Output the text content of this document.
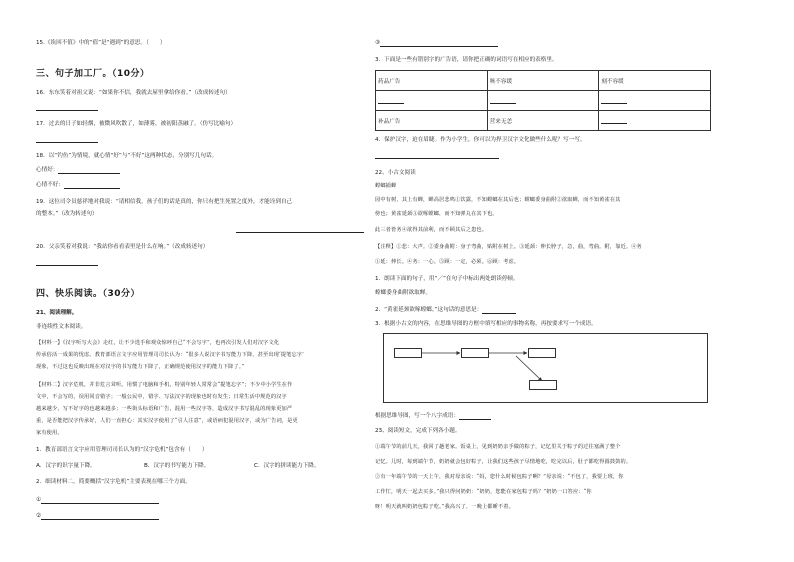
15.《诶回不值》中的“值”是“遇到”的意思。（　　）
三、句子加工厂。（10分）
16．东东笑着对祖父说：“如果你不信，我就去屋里拿给你看。”（改成转述句）
17．过去的日子如轻烟，被微风吹散了，如薄雾，被初阳蒸融了。（仿写比喻句）
18．以“钓鱼”为情境，就心情“好”与“不好”这两种状态，分别写几句话。
心情好：
心情不好：
19．这位司令员慈祥地对我说：“请相信我，孩子们的话是真的，你只有把生死置之度外，才能诠到自己
的整本。”（改为转述句）
20．父亲笑着对我说：“我站你看看表里是什么在响。”（改成转述句）
四、快乐阅读。（30分）
21、阅读理解。
非连续性文本阅读。
【材料一】《汉字听写大会》走红，让不少选手和观众惊呼自己“不会写字”，也再次引发人们对汉字文化
传承俗活一成果的忧虑。教育部语言文字应用管理司司长认为：“很多人说汉字书写能力下降，甚至出现‘提笔忘字’
现象，不过这也反映出现在对汉字的书写能力下降了，正确规范使用汉字的能力下降了。”
【材料二】汉字危机，并非危言耸听。用惯了电脑和手机，特别年轻人常常会“提笔忘字”；不少中小学生在作
文中，不会写的，误用同音错字；一般公民中，错字、写法汉字的现象也时有发生；日常生活中规范的汉字
越来越少，写不好字的也越来越多；一些街头标语和广告，混用一些汉字等，造成汉字书写混乱的现象更加严
重，是否能把汉字传承好，人们一直担心：其实汉字使用了“引人注意”，或语病犯混用汉字，或为广告词，是更
家有使用。
1．教育部语言文字应用管理司司长认为的“汉字危机”包含有（　　）
A．汉字的识字量下降。	B．汉字的书写能力下降。	C．汉字的拼读能力下降。
2．细读材料二，简要概括“汉字危机”主要表现在哪三个方面。
①
②
③
3．下面是一些有错别字的广告语，请你把正确的词语写在相应的表格里。
药品广告	咳不容缓	刻不容缓

补品广告	营来无恙	
4．保护汉字，迫在眉睫。作为小学生，你可以为捍卫汉字文化做些什么呢？写一写。
22、小古文阅读
螳螂捕蝉
园中有树，其上有蝉，蝉高居悲鸣①饮露，不知螳螂在其后也；螳螂委身曲附②欲取蝉，而不知黄雀在其
傍也；黄雀延颈③欲啄螳螂，而不知弹丸在其下也。
此三者皆务④欲得其前利，而不顾其后之患也。
【注释】①悲：大声。②委身曲附：身子弯曲，贴附在树上。③延颈：伸长脖子，急，曲，弯曲。附，靠近。④务
①延：伸长。④务：一心。⑤顾：一定，必须。⑥顾：考虑。
1．朗读下面的句子，用“／”在句子中标出两处朗读停顿。
螳螂委身曲附欲取蝉。
2．“黄雀延颈欲啄螳螂。”这句话的意思是：
3．根据小古文的内容，在思维导图的方框中填写相应的事物名称，再按要求写一个成语。
根据思维导图，写一个八字成语：
23、阅读短文，完成下列各小题。
①端午节的前几天，我回了趟老家。饭桌上，见到奶奶亲手做的粽子，记忆里关于粽子的过往塞满了整个
记忆。儿时，每到端午节，奶奶就会包好粽子，让我们这些孩子尽情地吃，吃完以后，肚子都吃得圆鼓鼓的。
②有一年端午节的一天上午，我对母亲说：“妈，您什么时候包粽子啊？”母亲说：“不包了，我要上班，你
工作忙，明天一起去买多。”我只得问奶奶：“奶奶，您能在家包粽子吗？”奶奶一口答应：“你
呀！明天就叫奶奶包粽子吃。”我高兴了，一晚上都睡不着。
